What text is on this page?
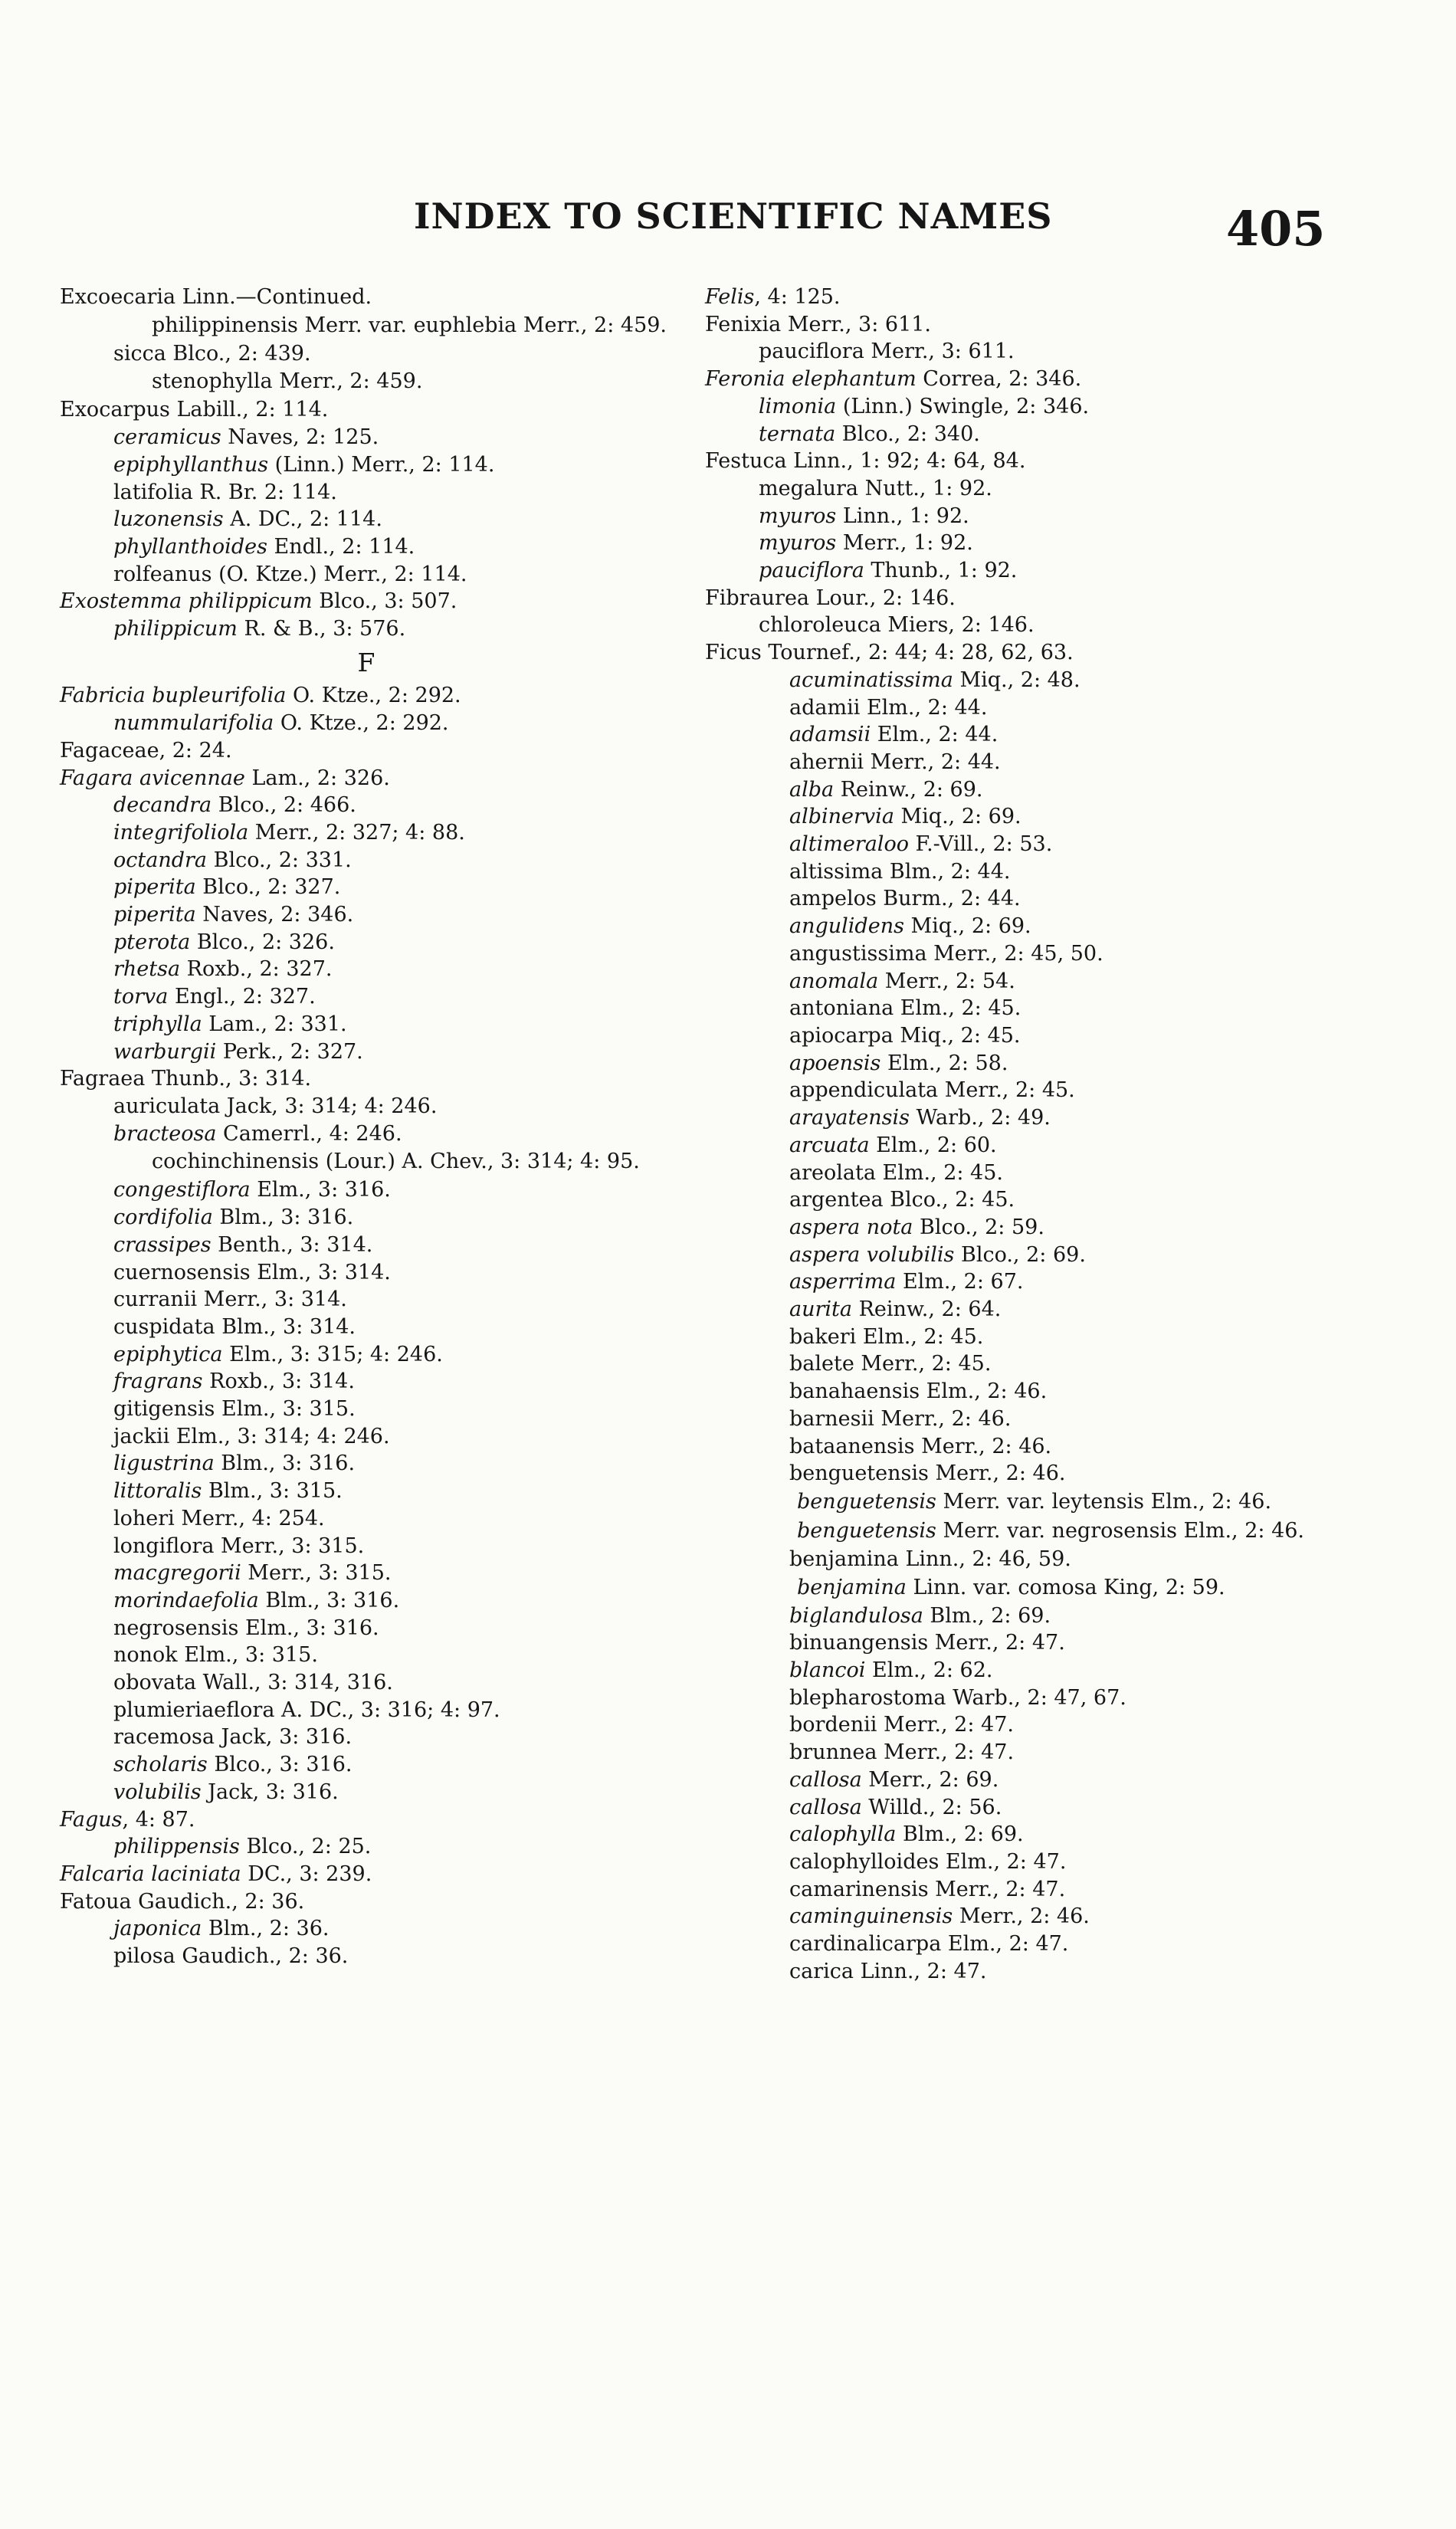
INDEX TO SCIENTIFIC NAMES	405
Excoecaria Linn.—Continued.
philippinensis Merr. var. euphlebia Merr., 2: 459.
sicca Blco., 2: 439.
stenophylla Merr., 2: 459.
Exocarpus Labill., 2: 114.
ceramicus Naves, 2: 125.
epiphyllanthus (Linn.) Merr., 2: 114.
latifolia R. Br. 2: 114.
luzonensis A. DC., 2: 114.
phyllanthoides Endl., 2: 114.
rolfeanus (O. Ktze.) Merr., 2: 114.
Exostemma philippicum Blco., 3: 507.
philippicum R. & B., 3: 576.
F
Fabricia bupleurifolia O. Ktze., 2: 292.
nummularifolia O. Ktze., 2: 292.
Fagaceae, 2: 24.
Fagara avicennae Lam., 2: 326.
decandra Blco., 2: 466.
integrifoliola Merr., 2: 327; 4: 88.
octandra Blco., 2: 331.
piperita Blco., 2: 327.
piperita Naves, 2: 346.
pterota Blco., 2: 326.
rhetsa Roxb., 2: 327.
torva Engl., 2: 327.
triphylla Lam., 2: 331.
warburgii Perk., 2: 327.
Fagraea Thunb., 3: 314.
auriculata Jack, 3: 314; 4: 246.
bracteosa Camerrl., 4: 246.
cochinchinensis (Lour.) A. Chev., 3: 314; 4: 95.
congestiflora Elm., 3: 316.
cordifolia Blm., 3: 316.
crassipes Benth., 3: 314.
cuernosensis Elm., 3: 314.
curranii Merr., 3: 314.
cuspidata Blm., 3: 314.
epiphytica Elm., 3: 315; 4: 246.
fragrans Roxb., 3: 314.
gitigensis Elm., 3: 315.
jackii Elm., 3: 314; 4: 246.
ligustrina Blm., 3: 316.
littoralis Blm., 3: 315.
loheri Merr., 4: 254.
longiflora Merr., 3: 315.
macgregorii Merr., 3: 315.
morindaefolia Blm., 3: 316.
negrosensis Elm., 3: 316.
nonok Elm., 3: 315.
obovata Wall., 3: 314, 316.
plumieriaeflora A. DC., 3: 316; 4: 97.
racemosa Jack, 3: 316.
scholaris Blco., 3: 316.
volubilis Jack, 3: 316.
Fagus, 4: 87.
philippensis Blco., 2: 25.
Falcaria laciniata DC., 3: 239.
Fatoua Gaudich., 2: 36.
japonica Blm., 2: 36.
pilosa Gaudich., 2: 36.
Felis, 4: 125.
Fenixia Merr., 3: 611.
pauciflora Merr., 3: 611.
Feronia elephantum Correa, 2: 346.
limonia (Linn.) Swingle, 2: 346.
ternata Blco., 2: 340.
Festuca Linn., 1: 92; 4: 64, 84.
megalura Nutt., 1: 92.
myuros Linn., 1: 92.
myuros Merr., 1: 92.
pauciflora Thunb., 1: 92.
Fibraurea Lour., 2: 146.
chloroleuca Miers, 2: 146.
Ficus Tournef., 2: 44; 4: 28, 62, 63.
acuminatissima Miq., 2: 48.
adamii Elm., 2: 44.
adamsii Elm., 2: 44.
ahernii Merr., 2: 44.
alba Reinw., 2: 69.
albinervia Miq., 2: 69.
altimeraloo F.-Vill., 2: 53.
altissima Blm., 2: 44.
ampelos Burm., 2: 44.
angulidens Miq., 2: 69.
angustissima Merr., 2: 45, 50.
anomala Merr., 2: 54.
antoniana Elm., 2: 45.
apiocarpa Miq., 2: 45.
apoensis Elm., 2: 58.
appendiculata Merr., 2: 45.
arayatensis Warb., 2: 49.
arcuata Elm., 2: 60.
areolata Elm., 2: 45.
argentea Blco., 2: 45.
aspera nota Blco., 2: 59.
aspera volubilis Blco., 2: 69.
asperrima Elm., 2: 67.
aurita Reinw., 2: 64.
bakeri Elm., 2: 45.
balete Merr., 2: 45.
banahaensis Elm., 2: 46.
barnesii Merr., 2: 46.
bataanensis Merr., 2: 46.
benguetensis Merr., 2: 46.
benguetensis Merr. var. leytensis Elm., 2: 46.
benguetensis Merr. var. negrosensis Elm., 2: 46.
benjamina Linn., 2: 46, 59.
benjamina Linn. var. comosa King, 2: 59.
biglandulosa Blm., 2: 69.
binuangensis Merr., 2: 47.
blancoi Elm., 2: 62.
blepharostoma Warb., 2: 47, 67.
bordenii Merr., 2: 47.
brunnea Merr., 2: 47.
callosa Merr., 2: 69.
callosa Willd., 2: 56.
calophylla Blm., 2: 69.
calophylloides Elm., 2: 47.
camarinensis Merr., 2: 47.
caminguinensis Merr., 2: 46.
cardinalicarpa Elm., 2: 47.
carica Linn., 2: 47.
